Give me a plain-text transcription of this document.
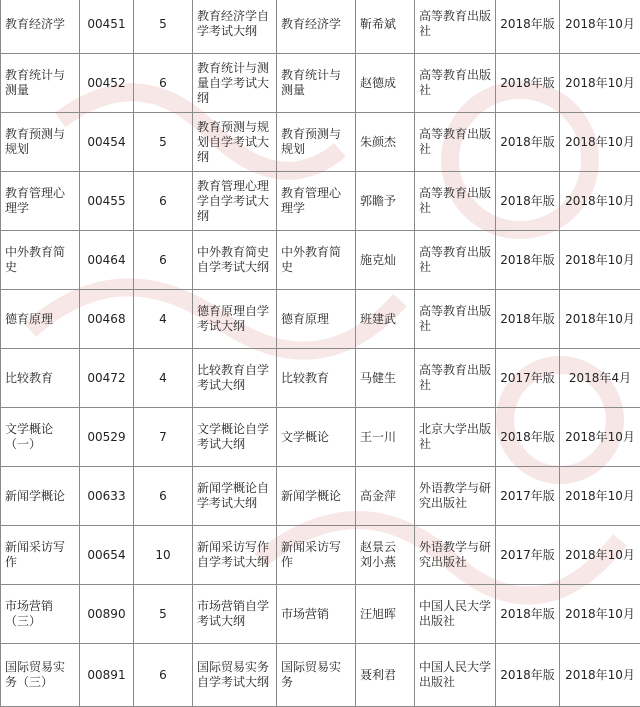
教育经济学	00451	5	教育经济学自学考试大纲	教育经济学	靳希斌	高等教育出版社	2018年版	2018年10月
教育统计与测量	00452	6	教育统计与测量自学考试大纲	教育统计与测量	赵德成	高等教育出版社	2018年版	2018年10月
教育预测与规划	00454	5	教育预测与规划自学考试大纲	教育预测与规划	朱颜杰	高等教育出版社	2018年版	2018年10月
教育管理心理学	00455	6	教育管理心理学自学考试大纲	教育管理心理学	郭瞻予	高等教育出版社	2018年版	2018年10月
中外教育简史	00464	6	中外教育简史自学考试大纲	中外教育简史	施克灿	高等教育出版社	2018年版	2018年10月
德育原理	00468	4	德育原理自学考试大纲	德育原理	班建武	高等教育出版社	2018年版	2018年10月
比较教育	00472	4	比较教育自学考试大纲	比较教育	马健生	高等教育出版社	2017年版	2018年4月
文学概论（一）	00529	7	文学概论自学考试大纲	文学概论	王一川	北京大学出版社	2018年版	2018年10月
新闻学概论	00633	6	新闻学概论自学考试大纲	新闻学概论	高金萍	外语教学与研究出版社	2017年版	2018年10月
新闻采访写作	00654	10	新闻采访写作自学考试大纲	新闻采访写作	赵景云 刘小燕	外语教学与研究出版社	2017年版	2018年10月
市场营销（三）	00890	5	市场营销自学考试大纲	市场营销	汪旭晖	中国人民大学出版社	2018年版	2018年10月
国际贸易实务（三）	00891	6	国际贸易实务自学考试大纲	国际贸易实务	聂利君	中国人民大学出版社	2018年版	2018年10月
